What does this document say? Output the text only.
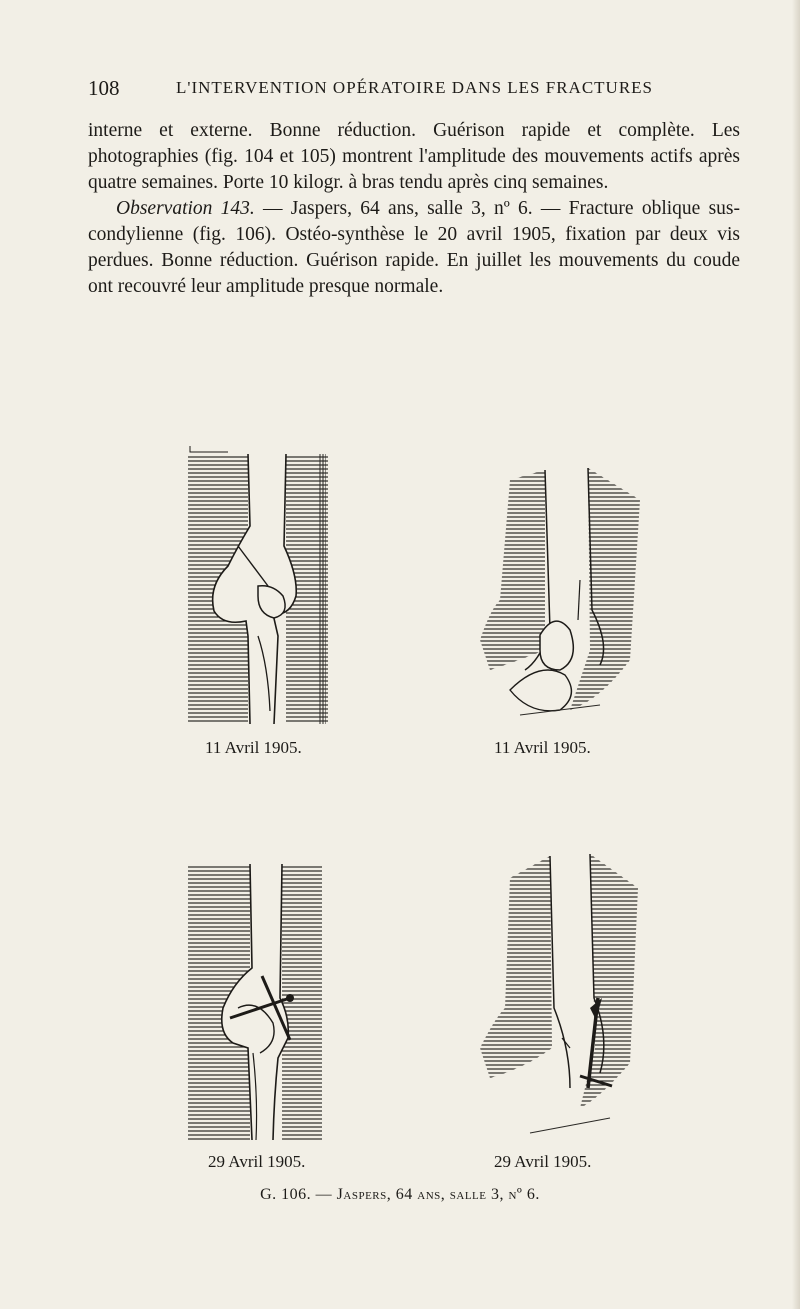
108	L'INTERVENTION OPÉRATOIRE DANS LES FRACTURES

interne et externe. Bonne réduction. Guérison rapide et complète. Les photographies (fig. 104 et 105) montrent l'amplitude des mouvements actifs après quatre semaines. Porte 10 kilogr. à bras tendu après cinq semaines.

Observation 143. — Jaspers, 64 ans, salle 3, nº 6. — Fracture oblique sus-condylienne (fig. 106). Ostéo-synthèse le 20 avril 1905, fixation par deux vis perdues. Bonne réduction. Guérison rapide. En juillet les mouvements du coude ont recouvré leur amplitude presque normale.

11 Avril 1905.	11 Avril 1905.
29 Avril 1905.	29 Avril 1905.
G. 106. — Jaspers, 64 ans, salle 3, nº 6.
